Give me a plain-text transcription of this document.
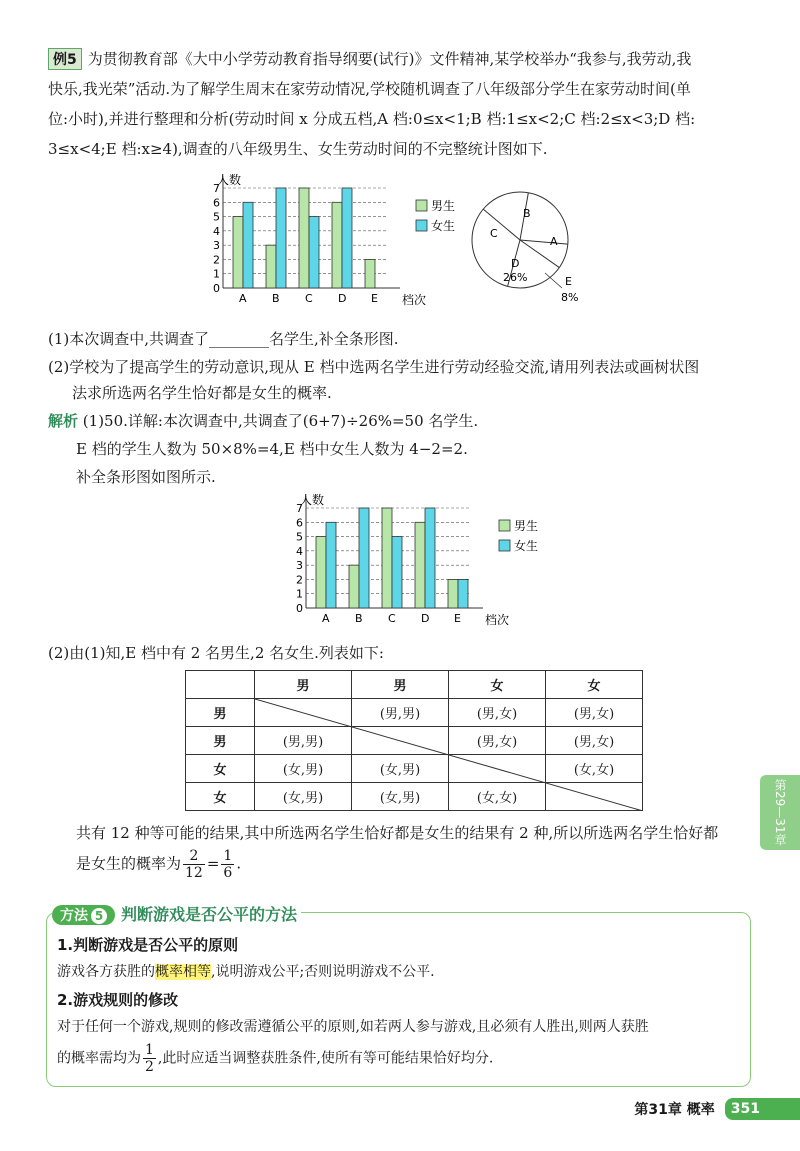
例5 为贯彻教育部《大中小学劳动教育指导纲要(试行)》文件精神,某学校举办“我参与,我劳动,我
快乐,我光荣”活动.为了解学生周末在家劳动情况,学校随机调查了八年级部分学生在家劳动时间(单
位:小时),并进行整理和分析(劳动时间 x 分成五档,A 档:0≤x<1;B 档:1≤x<2;C 档:2≤x<3;D 档:
3≤x<4;E 档:x≥4),调查的八年级男生、女生劳动时间的不完整统计图如下.
人数
0
1
2
3
4
5
6
7
A B C D E 档次
男生
女生
A
B
C
D
E
26%
8%
(1)本次调查中,共调查了________名学生,补全条形图.
(2)学校为了提高学生的劳动意识,现从 E 档中选两名学生进行劳动经验交流,请用列表法或画树状图
法求所选两名学生恰好都是女生的概率.
解析 (1)50.详解:本次调查中,共调查了(6+7)÷26%=50 名学生.
E 档的学生人数为 50×8%=4,E 档中女生人数为 4−2=2.
补全条形图如图所示.
人数
0
1
2
3
4
5
6
7
A B C D E 档次
男生
女生
(2)由(1)知,E 档中有 2 名男生,2 名女生.列表如下:
	男	男	女	女
男		(男,男)	(男,女)	(男,女)
男	(男,男)		(男,女)	(男,女)
女	(女,男)	(女,男)		(女,女)
女	(女,男)	(女,男)	(女,女)	
共有 12 种等可能的结果,其中所选两名学生恰好都是女生的结果有 2 种,所以所选两名学生恰好都
是女生的概率为 $\frac{2}{12} = \frac{1}{6}$ .
方法 5 判断游戏是否公平的方法
1.判断游戏是否公平的原则
游戏各方获胜的概率相等,说明游戏公平;否则说明游戏不公平.
2.游戏规则的修改
对于任何一个游戏,规则的修改需遵循公平的原则,如若两人参与游戏,且必须有人胜出,则两人获胜
的概率需均为 $\frac{1}{2}$ ,此时应适当调整获胜条件,使所有等可能结果恰好均分.
第29—31章
第31章 概率	351
